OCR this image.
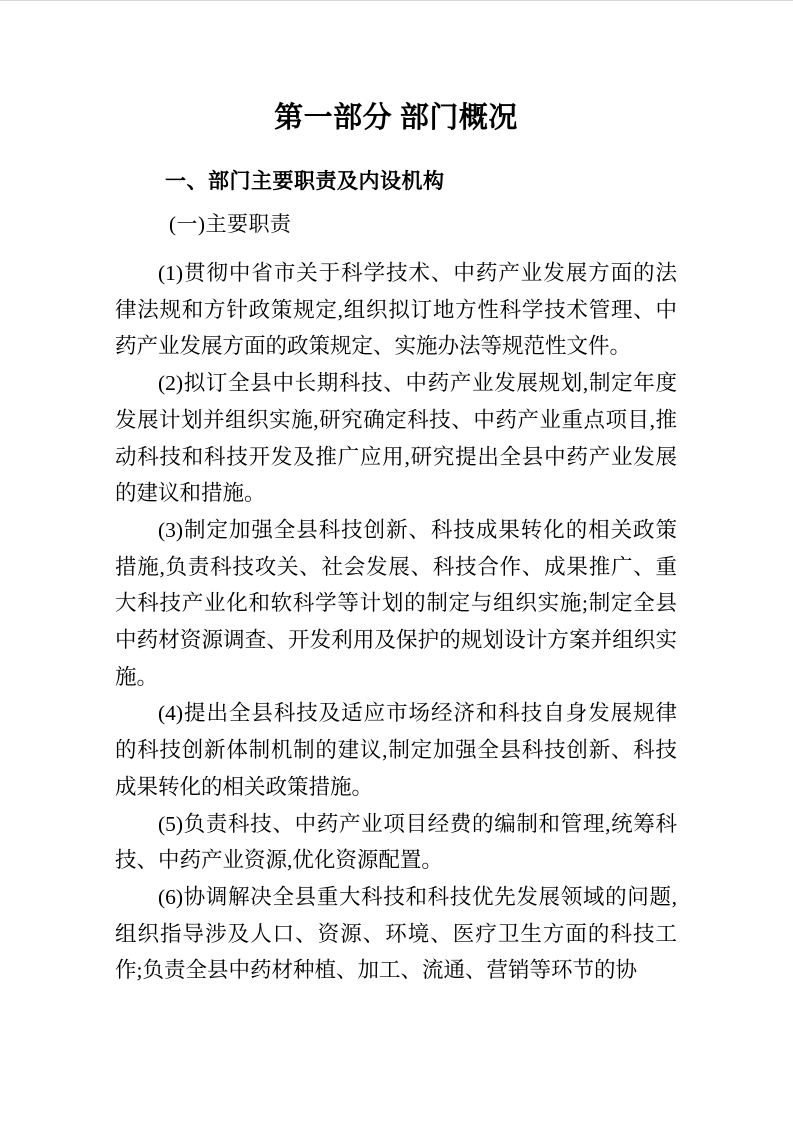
第一部分 部门概况
一、部门主要职责及内设机构
(一)主要职责

(1)贯彻中省市关于科学技术、中药产业发展方面的法律法规和方针政策规定,组织拟订地方性科学技术管理、中药产业发展方面的政策规定、实施办法等规范性文件。

(2)拟订全县中长期科技、中药产业发展规划,制定年度发展计划并组织实施,研究确定科技、中药产业重点项目,推动科技和科技开发及推广应用,研究提出全县中药产业发展的建议和措施。

(3)制定加强全县科技创新、科技成果转化的相关政策措施,负责科技攻关、社会发展、科技合作、成果推广、重大科技产业化和软科学等计划的制定与组织实施;制定全县中药材资源调查、开发利用及保护的规划设计方案并组织实施。

(4)提出全县科技及适应市场经济和科技自身发展规律的科技创新体制机制的建议,制定加强全县科技创新、科技成果转化的相关政策措施。

(5)负责科技、中药产业项目经费的编制和管理,统筹科技、中药产业资源,优化资源配置。

(6)协调解决全县重大科技和科技优先发展领域的问题,组织指导涉及人口、资源、环境、医疗卫生方面的科技工作;负责全县中药材种植、加工、流通、营销等环节的协
